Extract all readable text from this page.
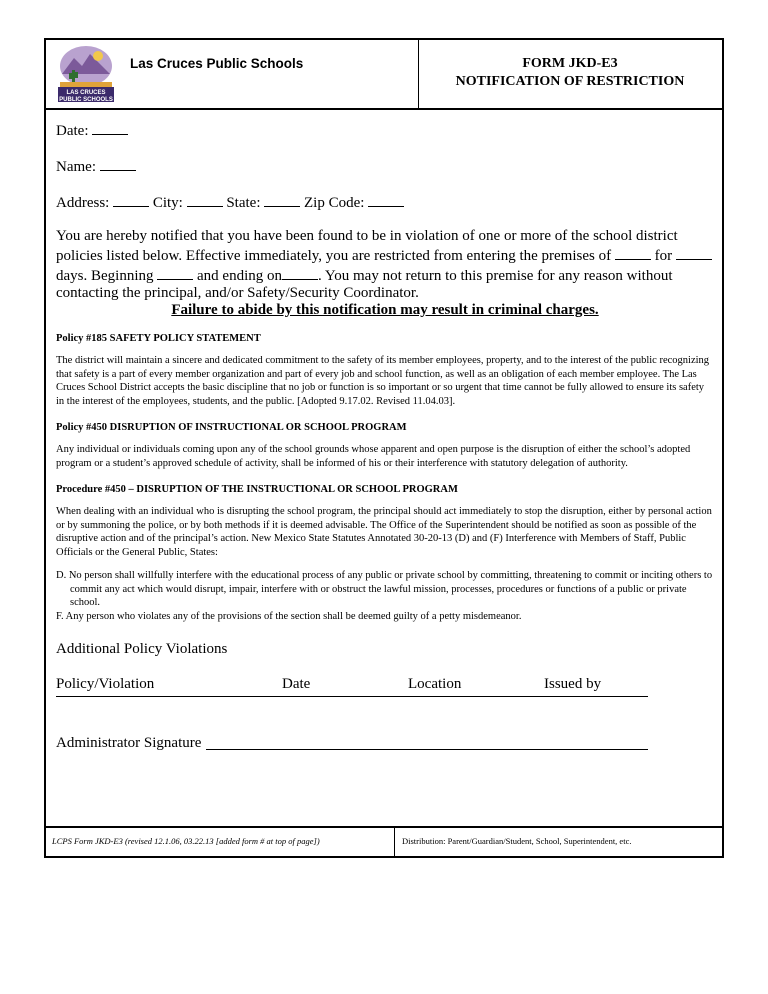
LAS CRUCES
PUBLIC SCHOOLS
Las Cruces Public Schools	FORM JKD-E3
NOTIFICATION OF RESTRICTION
Date:
Name:
Address:	City:	State:	Zip Code:
You are hereby notified that you have been found to be in violation of one or more of the school district policies listed below. Effective immediately, you are restricted from entering the premises of	for  days. Beginning	and ending on . You may not return to this premise for any reason without contacting the principal, and/or Safety/Security Coordinator.
Failure to abide by this notification may result in criminal charges.
Policy #185 SAFETY POLICY STATEMENT
The district will maintain a sincere and dedicated commitment to the safety of its member employees, property, and to the interest of the public recognizing that safety is a part of every member organization and part of every job and school function, as well as an obligation of each member employee. The Las Cruces School District accepts the basic discipline that no job or function is so important or so urgent that time cannot be fully allowed to ensure its safety in the interest of the employees, students, and the public. [Adopted 9.17.02. Revised 11.04.03].
Policy #450 DISRUPTION OF INSTRUCTIONAL OR SCHOOL PROGRAM
Any individual or individuals coming upon any of the school grounds whose apparent and open purpose is the disruption of either the school’s adopted program or a student’s approved schedule of activity, shall be informed of his or their interference with statutory delegation of authority.
Procedure #450 – DISRUPTION OF THE INSTRUCTIONAL OR SCHOOL PROGRAM
When dealing with an individual who is disrupting the school program, the principal should act immediately to stop the disruption, either by personal action or by summoning the police, or by both methods if it is deemed advisable. The Office of the Superintendent should be notified as soon as possible of the disruptive action and of the principal’s action. New Mexico State Statutes Annotated 30-20-13 (D) and (F) Interference with Members of Staff, Public Officials or the General Public, States:
D. No person shall willfully interfere with the educational process of any public or private school by committing, threatening to commit or inciting others to commit any act which would disrupt, impair, interfere with or obstruct the lawful mission, processes, procedures or functions of a public or private school.
F. Any person who violates any of the provisions of the section shall be deemed guilty of a petty misdemeanor.
Additional Policy Violations
Policy/Violation	Date	Location	Issued by
Administrator Signature
LCPS Form JKD-E3 (revised 12.1.06, 03.22.13 [added form # at top of page])	Distribution: Parent/Guardian/Student, School, Superintendent, etc.
